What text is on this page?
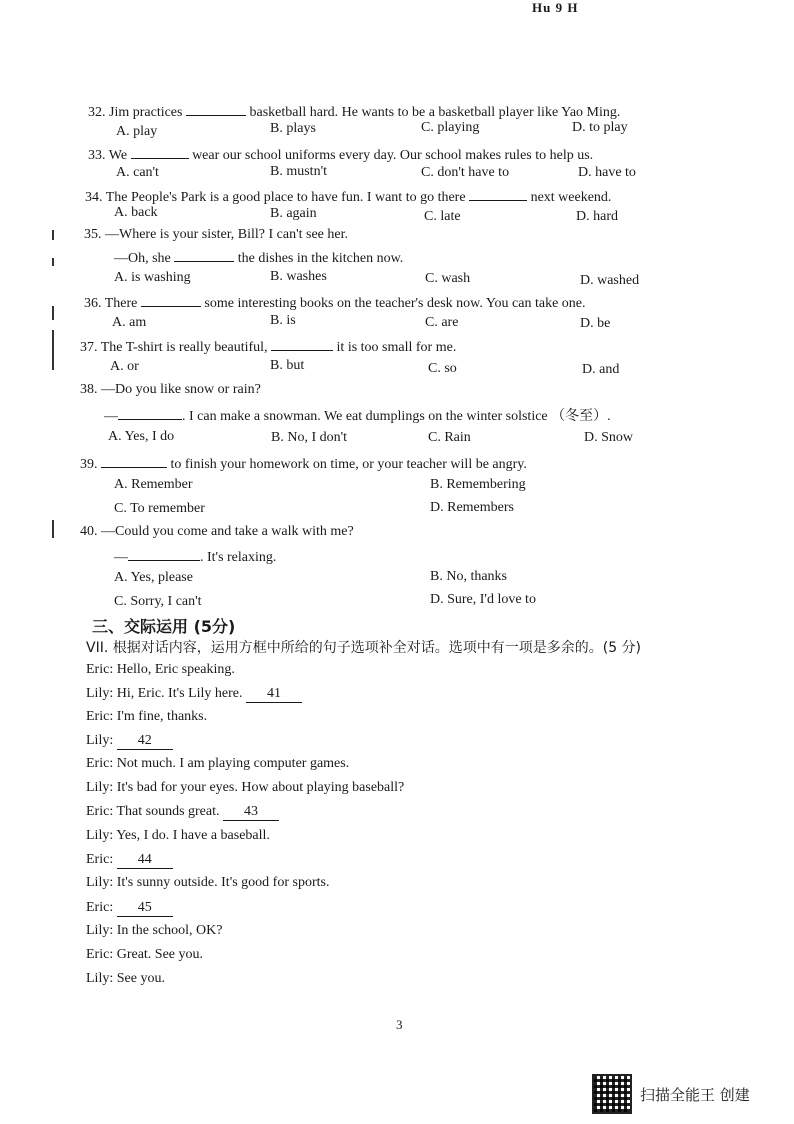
Hu 9 H
32. Jim practices	basketball hard. He wants to be a basketball player like Yao Ming.
A. play	B. plays	C. playing	D. to play
33. We	wear our school uniforms every day. Our school makes rules to help us.
A. can't	B. mustn't	C. don't have to	D. have to
34. The People's Park is a good place to have fun. I want to go there	next weekend.
A. back	B. again	C. late	D. hard
35. —Where is your sister, Bill? I can't see her.
—Oh, she	the dishes in the kitchen now.
A. is washing	B. washes	C. wash	D. washed
36. There	some interesting books on the teacher's desk now. You can take one.
A. am	B. is	C. are	D. be
37. The T-shirt is really beautiful,	it is too small for me.
A. or	B. but	C. so	D. and
38. —Do you like snow or rain?
—	. I can make a snowman. We eat dumplings on the winter solstice （冬至）.
A. Yes, I do	B. No, I don't	C. Rain	D. Snow
39.	to finish your homework on time, or your teacher will be angry.
A. Remember	B. Remembering
C. To remember	D. Remembers
40. —Could you come and take a walk with me?
—	. It's relaxing.
A. Yes, please	B. No, thanks
C. Sorry, I can't	D. Sure, I'd love to
三、交际运用 (5分)
VII. 根据对话内容，运用方框中所给的句子选项补全对话。选项中有一项是多余的。(5 分)
Eric: Hello, Eric speaking.
Lily: Hi, Eric. It's Lily here. 41
Eric: I'm fine, thanks.
Lily: 42
Eric: Not much. I am playing computer games.
Lily: It's bad for your eyes. How about playing baseball?
Eric: That sounds great. 43
Lily: Yes, I do. I have a baseball.
Eric: 44
Lily: It's sunny outside. It's good for sports.
Eric: 45
Lily: In the school, OK?
Eric: Great. See you.
Lily: See you.
3
扫描全能王 创建
